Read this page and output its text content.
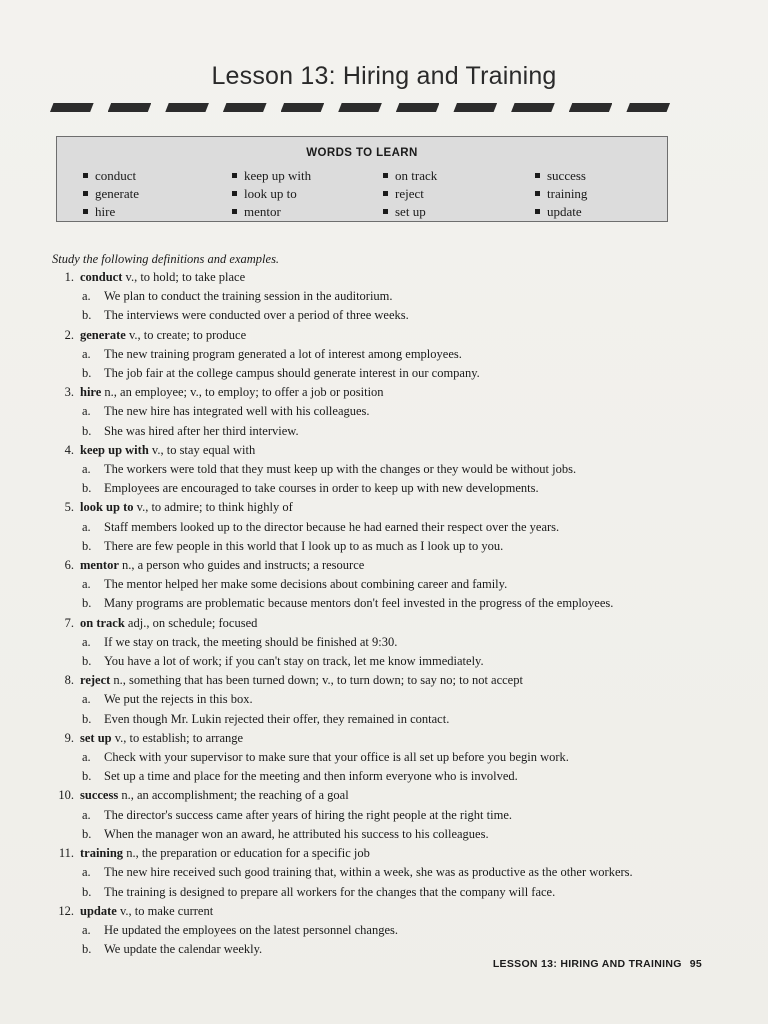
Lesson 13: Hiring and Training
WORDS TO LEARN
conduct
generate
hire
keep up with
look up to
mentor
on track
reject
set up
success
training
update
Study the following definitions and examples.
1. conduct v., to hold; to take place
a. We plan to conduct the training session in the auditorium.
b. The interviews were conducted over a period of three weeks.
2. generate v., to create; to produce
a. The new training program generated a lot of interest among employees.
b. The job fair at the college campus should generate interest in our company.
3. hire n., an employee; v., to employ; to offer a job or position
a. The new hire has integrated well with his colleagues.
b. She was hired after her third interview.
4. keep up with v., to stay equal with
a. The workers were told that they must keep up with the changes or they would be without jobs.
b. Employees are encouraged to take courses in order to keep up with new developments.
5. look up to v., to admire; to think highly of
a. Staff members looked up to the director because he had earned their respect over the years.
b. There are few people in this world that I look up to as much as I look up to you.
6. mentor n., a person who guides and instructs; a resource
a. The mentor helped her make some decisions about combining career and family.
b. Many programs are problematic because mentors don't feel invested in the progress of the employees.
7. on track adj., on schedule; focused
a. If we stay on track, the meeting should be finished at 9:30.
b. You have a lot of work; if you can't stay on track, let me know immediately.
8. reject n., something that has been turned down; v., to turn down; to say no; to not accept
a. We put the rejects in this box.
b. Even though Mr. Lukin rejected their offer, they remained in contact.
9. set up v., to establish; to arrange
a. Check with your supervisor to make sure that your office is all set up before you begin work.
b. Set up a time and place for the meeting and then inform everyone who is involved.
10. success n., an accomplishment; the reaching of a goal
a. The director's success came after years of hiring the right people at the right time.
b. When the manager won an award, he attributed his success to his colleagues.
11. training n., the preparation or education for a specific job
a. The new hire received such good training that, within a week, she was as productive as the other workers.
b. The training is designed to prepare all workers for the changes that the company will face.
12. update v., to make current
a. He updated the employees on the latest personnel changes.
b. We update the calendar weekly.
LESSON 13: HIRING AND TRAINING 95
